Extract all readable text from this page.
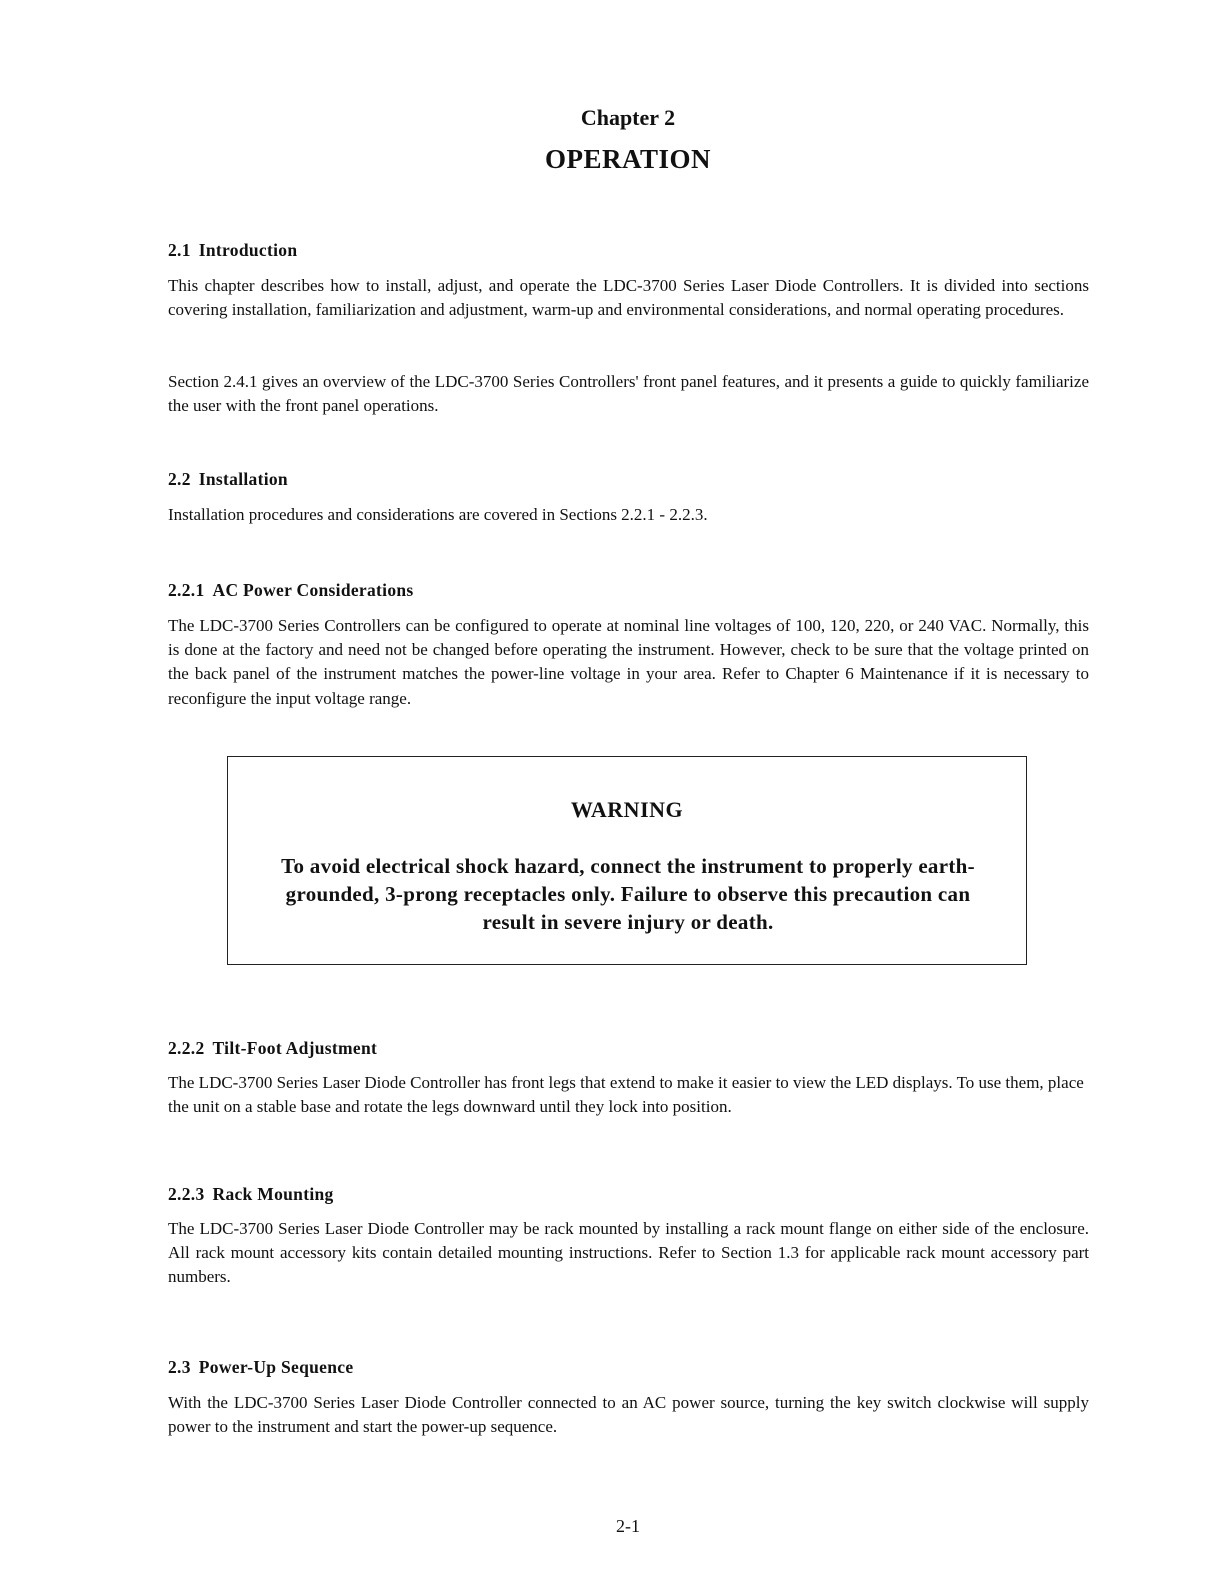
Chapter 2
OPERATION
2.1 Introduction

This chapter describes how to install, adjust, and operate the LDC-3700 Series Laser Diode Controllers. It is divided into sections covering installation, familiarization and adjustment, warm-up and environmental considerations, and normal operating procedures.

Section 2.4.1 gives an overview of the LDC-3700 Series Controllers' front panel features, and it presents a guide to quickly familiarize the user with the front panel operations.

2.2 Installation

Installation procedures and considerations are covered in Sections 2.2.1 - 2.2.3.

2.2.1 AC Power Considerations

The LDC-3700 Series Controllers can be configured to operate at nominal line voltages of 100, 120, 220, or 240 VAC. Normally, this is done at the factory and need not be changed before operating the instrument. However, check to be sure that the voltage printed on the back panel of the instrument matches the power-line voltage in your area. Refer to Chapter 6 Maintenance if it is necessary to reconfigure the input voltage range.

WARNING

To avoid electrical shock hazard, connect the instrument to properly earth-grounded, 3-prong receptacles only. Failure to observe this precaution can result in severe injury or death.

2.2.2 Tilt-Foot Adjustment

The LDC-3700 Series Laser Diode Controller has front legs that extend to make it easier to view the LED displays. To use them, place the unit on a stable base and rotate the legs downward until they lock into position.

2.2.3 Rack Mounting

The LDC-3700 Series Laser Diode Controller may be rack mounted by installing a rack mount flange on either side of the enclosure. All rack mount accessory kits contain detailed mounting instructions. Refer to Section 1.3 for applicable rack mount accessory part numbers.

2.3 Power-Up Sequence

With the LDC-3700 Series Laser Diode Controller connected to an AC power source, turning the key switch clockwise will supply power to the instrument and start the power-up sequence.

2-1
